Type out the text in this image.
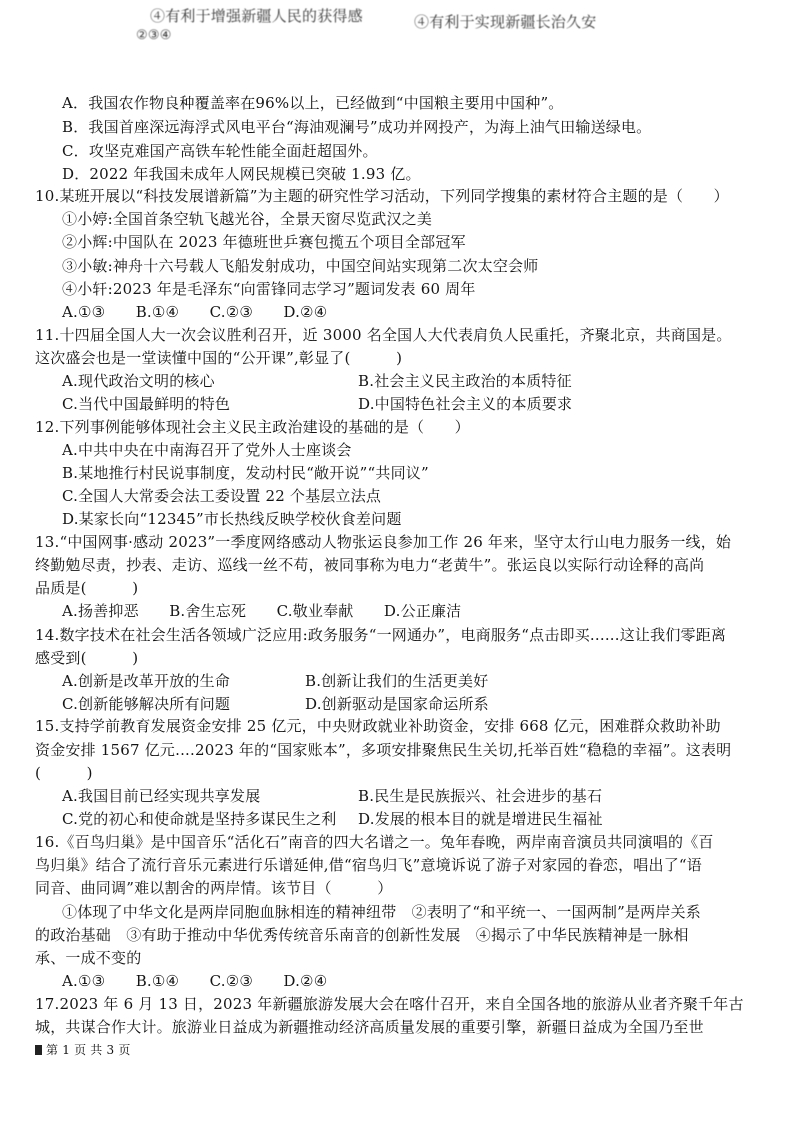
④有利于增强新疆人民的获得感	④有利于实现新疆长治久安
②③④
A．我国农作物良种覆盖率在96%以上，已经做到“中国粮主要用中国种”。
B．我国首座深远海浮式风电平台“海油观澜号”成功并网投产，为海上油气田输送绿电。
C．攻坚克难国产高铁车轮性能全面赶超国外。
D．2022 年我国未成年人网民规模已突破 1.93 亿。
10.某班开展以“科技发展谱新篇”为主题的研究性学习活动，下列同学搜集的素材符合主题的是（　　）
①小婷:全国首条空轨飞越光谷，全景天窗尽览武汉之美
②小辉:中国队在 2023 年德班世乒赛包揽五个项目全部冠军
③小敏:神舟十六号载人飞船发射成功，中国空间站实现第二次太空会师
④小轩:2023 年是毛泽东“向雷锋同志学习”题词发表 60 周年
A.①③　　B.①④　　C.②③　　D.②④
11.十四届全国人大一次会议胜利召开，近 3000 名全国人大代表肩负人民重托，齐聚北京，共商国是。
这次盛会也是一堂读懂中国的“公开课”,彰显了(　　　)
A.现代政治文明的核心	B.社会主义民主政治的本质特征
C.当代中国最鲜明的特色	D.中国特色社会主义的本质要求
12.下列事例能够体现社会主义民主政治建设的基础的是（　　）
A.中共中央在中南海召开了党外人士座谈会
B.某地推行村民说事制度，发动村民“敞开说”“共同议”
C.全国人大常委会法工委设置 22 个基层立法点
D.某家长向“12345”市长热线反映学校伙食差问题
13.“中国网事·感动 2023”一季度网络感动人物张运良参加工作 26 年来，坚守太行山电力服务一线，始
终勤勉尽责，抄表、走访、巡线一丝不苟，被同事称为电力“老黄牛”。张运良以实际行动诠释的高尚
品质是(　　　)
A.扬善抑恶　　B.舍生忘死　　C.敬业奉献　　D.公正廉洁
14.数字技术在社会生活各领域广泛应用:政务服务“一网通办”，电商服务“点击即买......这让我们零距离
感受到(　　　)
A.创新是改革开放的生命	B.创新让我们的生活更美好
C.创新能够解决所有问题	D.创新驱动是国家命运所系
15.支持学前教育发展资金安排 25 亿元，中央财政就业补助资金，安排 668 亿元，困难群众救助补助
资金安排 1567 亿元....2023 年的“国家账本”，多项安排聚焦民生关切,托举百姓“稳稳的幸福”。这表明
(　　　)
A.我国目前已经实现共享发展	B.民生是民族振兴、社会进步的基石
C.党的初心和使命就是坚持多谋民生之利 D.发展的根本目的就是增进民生福祉
16.《百鸟归巢》是中国音乐“活化石”南音的四大名谱之一。兔年春晚，两岸南音演员共同演唱的《百
鸟归巢》结合了流行音乐元素进行乐谱延伸,借“宿鸟归飞”意境诉说了游子对家园的眷恋，唱出了“语
同音、曲同调”难以割舍的两岸情。该节目（　　　）
①体现了中华文化是两岸同胞血脉相连的精神纽带　②表明了“和平统一、一国两制”是两岸关系
的政治基础　③有助于推动中华优秀传统音乐南音的创新性发展　④揭示了中华民族精神是一脉相
承、一成不变的
A.①③　　B.①④　　C.②③　　D.②④
17.2023 年 6 月 13 日，2023 年新疆旅游发展大会在喀什召开，来自全国各地的旅游从业者齐聚千年古
城，共谋合作大计。旅游业日益成为新疆推动经济高质量发展的重要引擎，新疆日益成为全国乃至世
第 1 页 共 3 页
